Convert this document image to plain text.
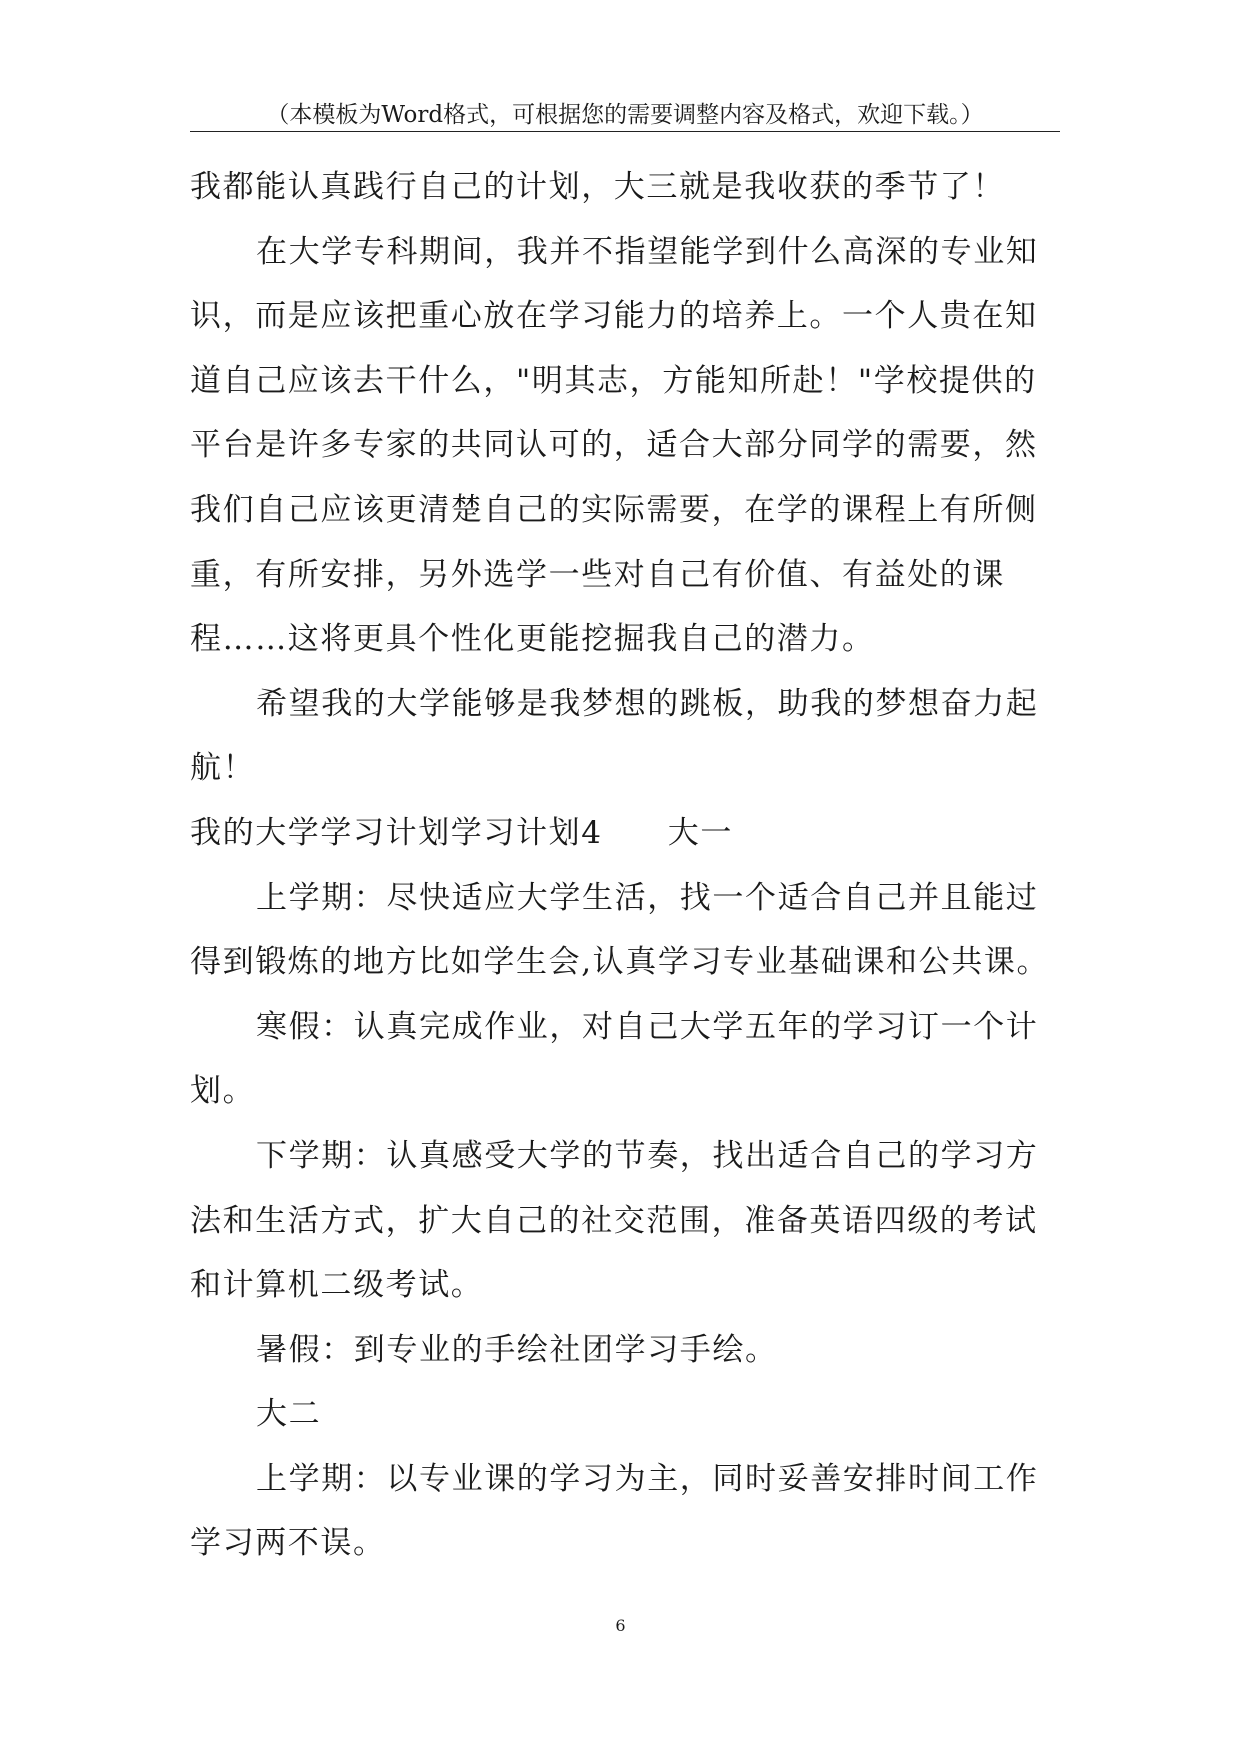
（本模板为Word格式，可根据您的需要调整内容及格式，欢迎下载。）

我都能认真践行自己的计划，大三就是我收获的季节了！

在大学专科期间，我并不指望能学到什么高深的专业知

识，而是应该把重心放在学习能力的培养上。一个人贵在知

道自己应该去干什么，"明其志，方能知所赴！"学校提供的

平台是许多专家的共同认可的，适合大部分同学的需要，然

我们自己应该更清楚自己的实际需要，在学的课程上有所侧

重，有所安排，另外选学一些对自己有价值、有益处的课

程……这将更具个性化更能挖掘我自己的潜力。

希望我的大学能够是我梦想的跳板，助我的梦想奋力起

航！

我的大学学习计划学习计划4　　大一

上学期：尽快适应大学生活，找一个适合自己并且能过

得到锻炼的地方比如学生会,认真学习专业基础课和公共课。

寒假：认真完成作业，对自己大学五年的学习订一个计

划。

下学期：认真感受大学的节奏，找出适合自己的学习方

法和生活方式，扩大自己的社交范围，准备英语四级的考试

和计算机二级考试。

暑假：到专业的手绘社团学习手绘。

大二

上学期：以专业课的学习为主，同时妥善安排时间工作

学习两不误。

6
